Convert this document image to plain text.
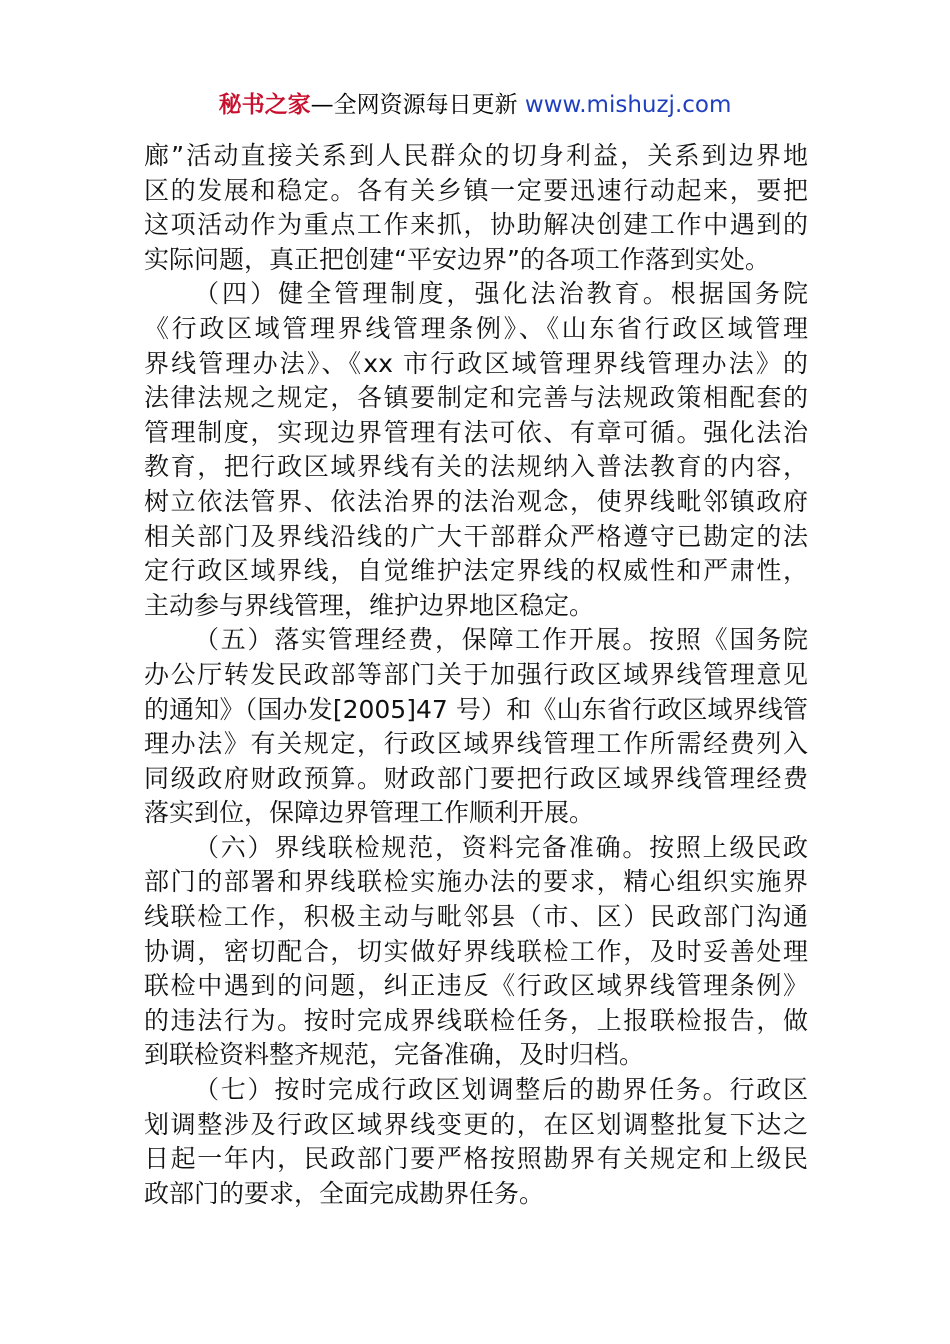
秘书之家—全网资源每日更新 www.mishuzj.com
廊”活动直接关系到人民群众的切身利益，关系到边界地
区的发展和稳定。各有关乡镇一定要迅速行动起来，要把
这项活动作为重点工作来抓，协助解决创建工作中遇到的
实际问题，真正把创建“平安边界”的各项工作落到实处。
（四）健全管理制度，强化法治教育。根据国务院
《行政区域管理界线管理条例》、《山东省行政区域管理
界线管理办法》、《xx 市行政区域管理界线管理办法》的
法律法规之规定，各镇要制定和完善与法规政策相配套的
管理制度，实现边界管理有法可依、有章可循。强化法治
教育，把行政区域界线有关的法规纳入普法教育的内容，
树立依法管界、依法治界的法治观念，使界线毗邻镇政府
相关部门及界线沿线的广大干部群众严格遵守已勘定的法
定行政区域界线，自觉维护法定界线的权威性和严肃性，
主动参与界线管理，维护边界地区稳定。
（五）落实管理经费，保障工作开展。按照《国务院
办公厅转发民政部等部门关于加强行政区域界线管理意见
的通知》（国办发[2005]47 号）和《山东省行政区域界线管
理办法》有关规定，行政区域界线管理工作所需经费列入
同级政府财政预算。财政部门要把行政区域界线管理经费
落实到位，保障边界管理工作顺利开展。
（六）界线联检规范，资料完备准确。按照上级民政
部门的部署和界线联检实施办法的要求，精心组织实施界
线联检工作，积极主动与毗邻县（市、区）民政部门沟通
协调，密切配合，切实做好界线联检工作，及时妥善处理
联检中遇到的问题，纠正违反《行政区域界线管理条例》
的违法行为。按时完成界线联检任务，上报联检报告，做
到联检资料整齐规范，完备准确，及时归档。
（七）按时完成行政区划调整后的勘界任务。行政区
划调整涉及行政区域界线变更的，在区划调整批复下达之
日起一年内，民政部门要严格按照勘界有关规定和上级民
政部门的要求，全面完成勘界任务。
